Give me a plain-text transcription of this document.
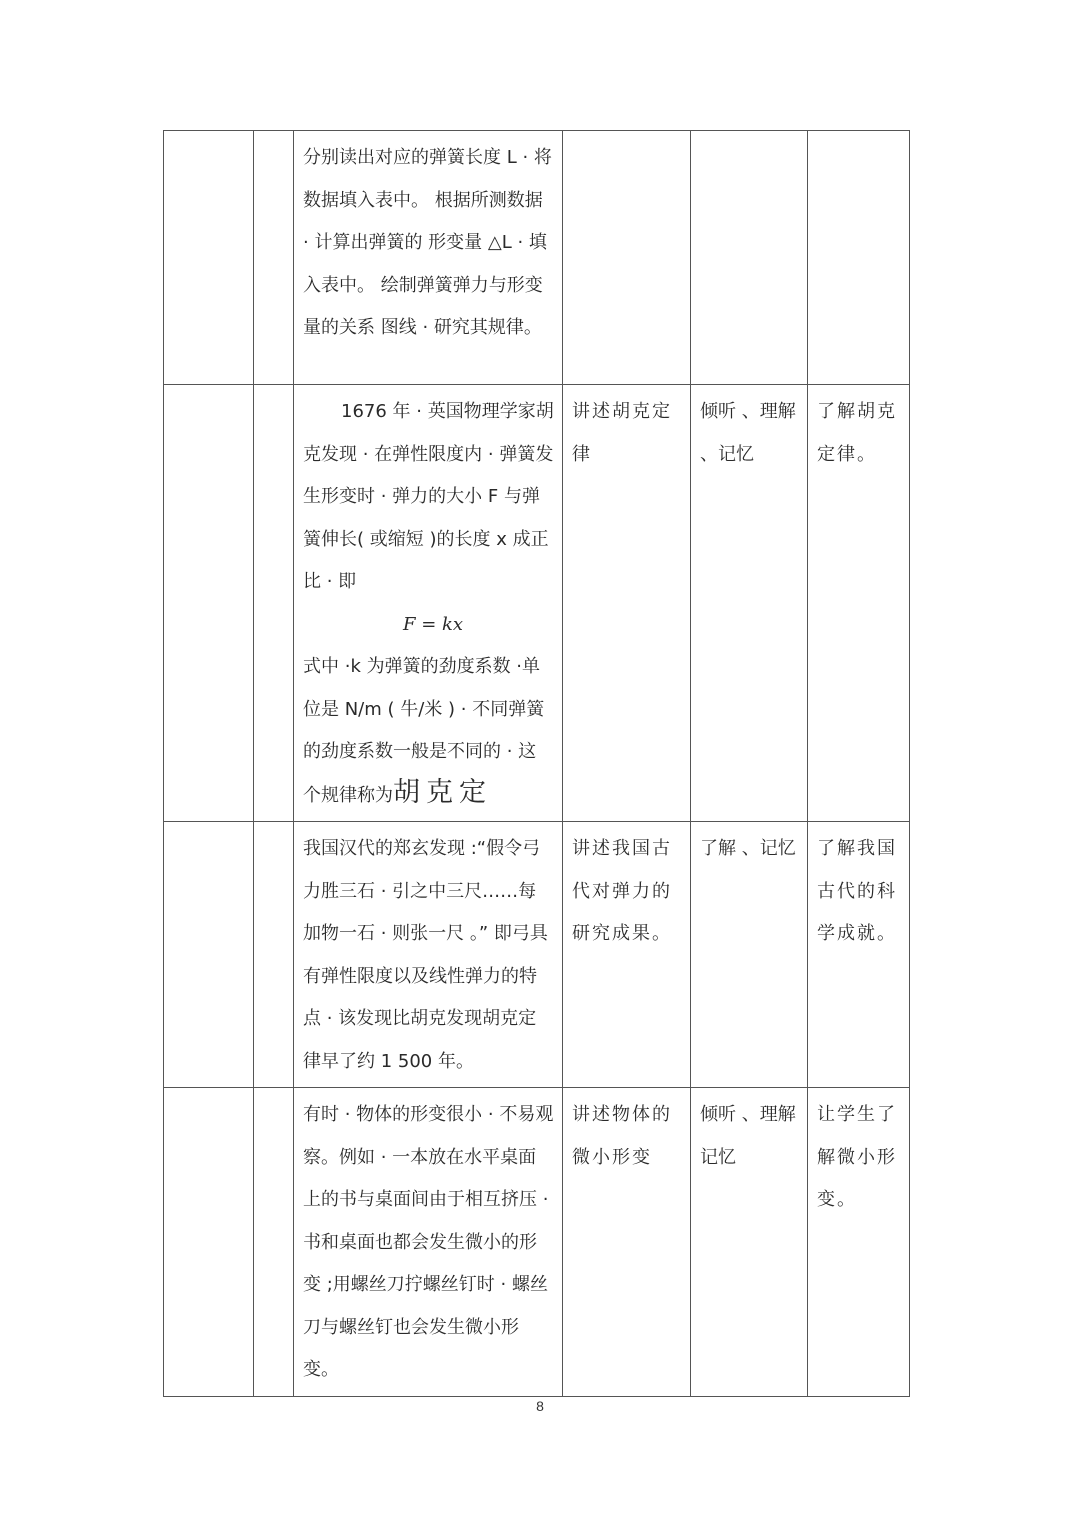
		分别读出对应的弹簧长度 L · 将数据填入表中。 根据所测数据 · 计算出弹簧的 形变量 △L · 填入表中。 绘制弹簧弹力与形变量的关系 图线 · 研究其规律。			

		1676 年 · 英国物理学家胡克发现 · 在弹性限度内 · 弹簧发生形变时 · 弹力的大小 F 与弹簧伸长( 或缩短 )的长度 x 成正比 · 即
F = kx
式中 ·k 为弹簧的劲度系数 ·单位是 N/m ( 牛/米 ) · 不同弹簧的劲度系数一般是不同的 · 这个规律称为胡克定	讲述胡克定律	倾听 、理解 、记忆	了解胡克定律。
		我国汉代的郑玄发现 :“假令弓力胜三石 · 引之中三尺……每加物一石 · 则张一尺 。” 即弓具有弹性限度以及线性弹力的特点 · 该发现比胡克发现胡克定律早了约 1 500 年。	讲述我国古代对弹力的研究成果。	了解 、记忆	了解我国古代的科学成就。
		有时 · 物体的形变很小 · 不易观察。例如 · 一本放在水平桌面上的书与桌面间由于相互挤压 · 书和桌面也都会发生微小的形变 ;用螺丝刀拧螺丝钉时 · 螺丝刀与螺丝钉也会发生微小形变。	讲述物体的微小形变	倾听 、理解 记忆	让学生了解微小形变。
8
